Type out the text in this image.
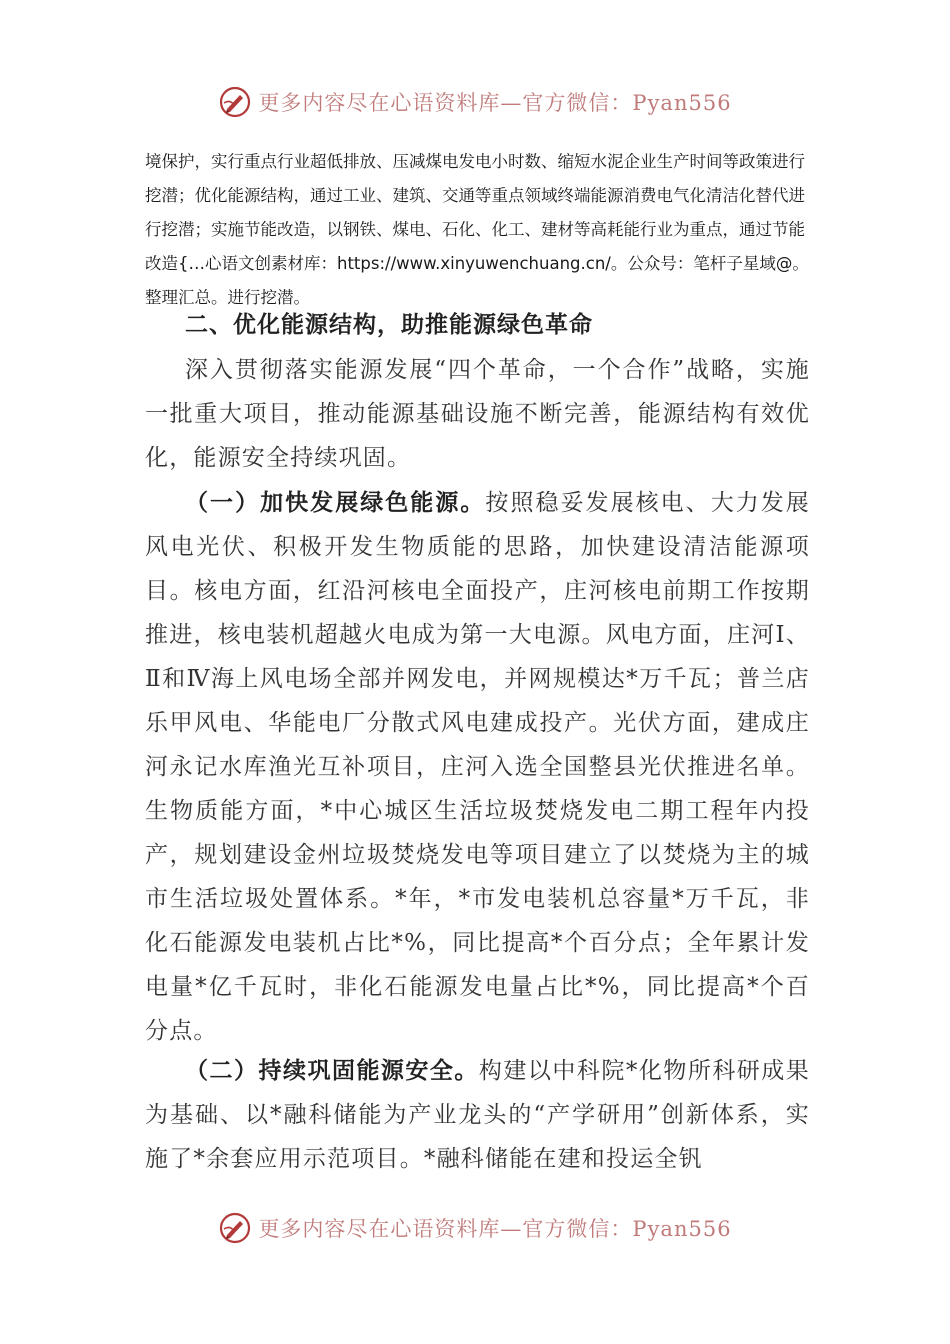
更多内容尽在心语资料库—官方微信：Pyan556

境保护，实行重点行业超低排放、压减煤电发电小时数、缩短水泥企业生产时间等政策进行挖潜；优化能源结构，通过工业、建筑、交通等重点领域终端能源消费电气化清洁化替代进行挖潜；实施节能改造，以钢铁、煤电、石化、化工、建材等高耗能行业为重点，通过节能改造{…心语文创素材库：https://www.xinyuwenchuang.cn/。公众号：笔杆子星域@。整理汇总。进行挖潜。

二、优化能源结构，助推能源绿色革命

深入贯彻落实能源发展“四个革命，一个合作”战略，实施一批重大项目，推动能源基础设施不断完善，能源结构有效优化，能源安全持续巩固。

（一）加快发展绿色能源。按照稳妥发展核电、大力发展风电光伏、积极开发生物质能的思路，加快建设清洁能源项目。核电方面，红沿河核电全面投产，庄河核电前期工作按期推进，核电装机超越火电成为第一大电源。风电方面，庄河Ⅰ、Ⅱ和Ⅳ海上风电场全部并网发电，并网规模达*万千瓦；普兰店乐甲风电、华能电厂分散式风电建成投产。光伏方面，建成庄河永记水库渔光互补项目，庄河入选全国整县光伏推进名单。生物质能方面，*中心城区生活垃圾焚烧发电二期工程年内投产，规划建设金州垃圾焚烧发电等项目建立了以焚烧为主的城市生活垃圾处置体系。*年，*市发电装机总容量*万千瓦，非化石能源发电装机占比*%，同比提高*个百分点；全年累计发电量*亿千瓦时，非化石能源发电量占比*%，同比提高*个百分点。

（二）持续巩固能源安全。构建以中科院*化物所科研成果为基础、以*融科储能为产业龙头的“产学研用”创新体系，实施了*余套应用示范项目。*融科储能在建和投运全钒

更多内容尽在心语资料库—官方微信：Pyan556
